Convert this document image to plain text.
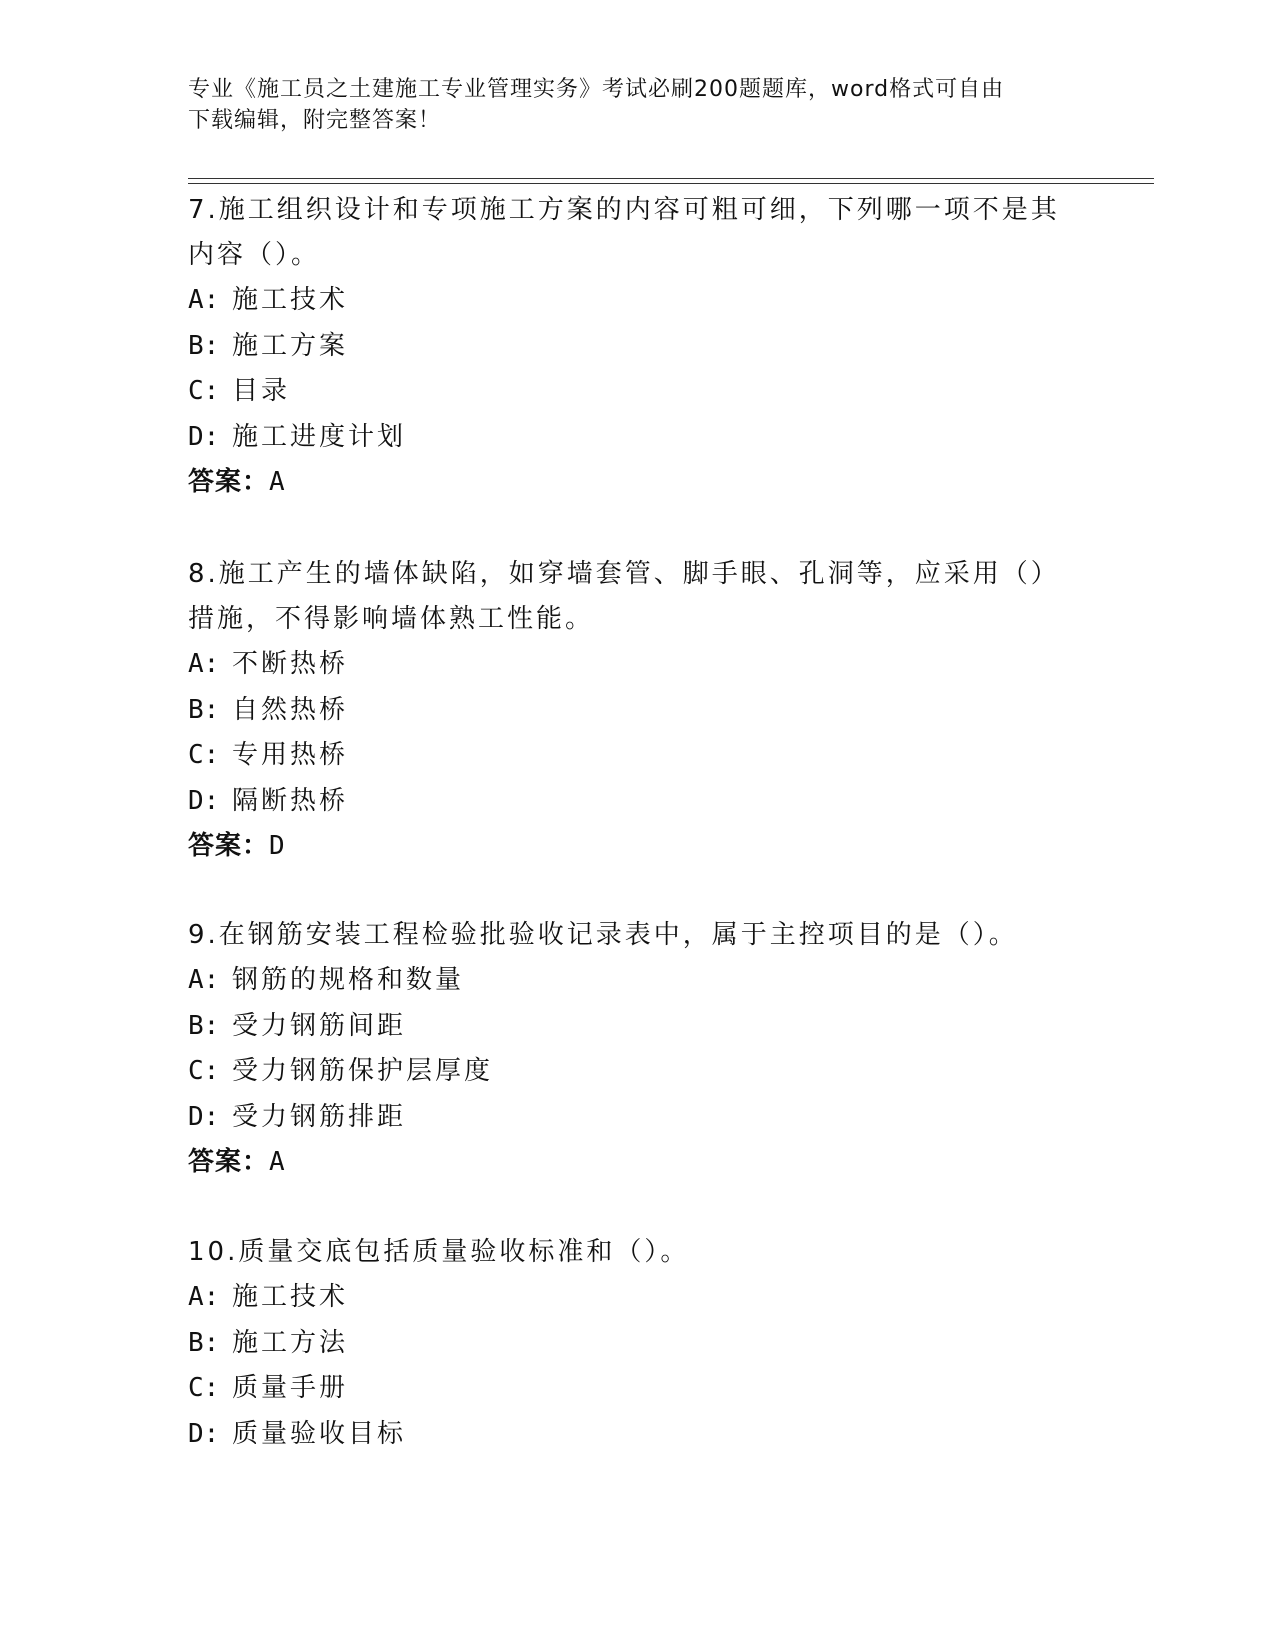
专业《施工员之土建施工专业管理实务》考试必刷200题题库，word格式可自由
下载编辑，附完整答案！

7.施工组织设计和专项施工方案的内容可粗可细，下列哪一项不是其内容（）。

A: 施工技术

B: 施工方案

C: 目录

D: 施工进度计划

答案：A

8.施工产生的墙体缺陷，如穿墙套管、脚手眼、孔洞等，应采用（）措施，不得影响墙体熟工性能。

A: 不断热桥

B: 自然热桥

C: 专用热桥

D: 隔断热桥

答案：D

9.在钢筋安装工程检验批验收记录表中，属于主控项目的是（）。

A: 钢筋的规格和数量

B: 受力钢筋间距

C: 受力钢筋保护层厚度

D: 受力钢筋排距

答案：A

10.质量交底包括质量验收标准和（）。

A: 施工技术

B: 施工方法

C: 质量手册

D: 质量验收目标
